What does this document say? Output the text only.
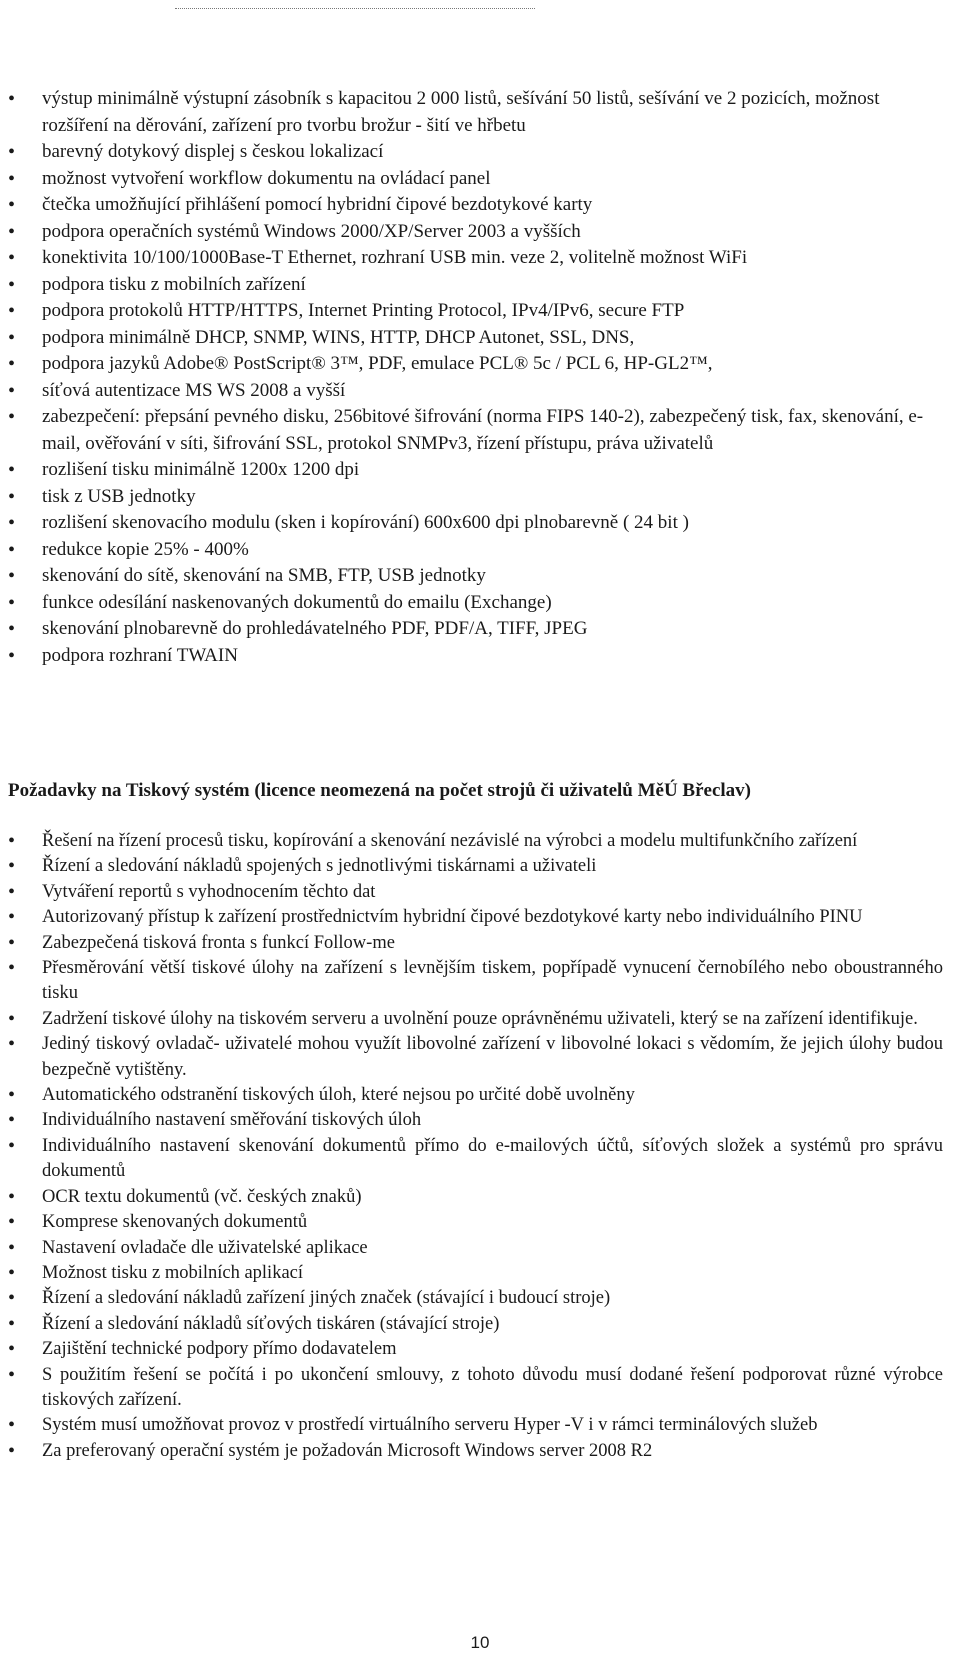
• výstup minimálně výstupní zásobník s kapacitou 2 000 listů, sešívání 50 listů, sešívání ve 2 pozicích, možnost rozšíření na děrování, zařízení pro tvorbu brožur - šití ve hřbetu
• barevný dotykový displej s českou lokalizací
• možnost vytvoření workflow dokumentu na ovládací panel
• čtečka umožňující přihlášení pomocí hybridní čipové bezdotykové karty
• podpora operačních systémů Windows 2000/XP/Server 2003 a vyšších
• konektivita 10/100/1000Base-T Ethernet, rozhraní USB min. veze 2, volitelně možnost WiFi
• podpora tisku z mobilních zařízení
• podpora protokolů HTTP/HTTPS, Internet Printing Protocol, IPv4/IPv6, secure FTP
• podpora minimálně DHCP, SNMP, WINS, HTTP, DHCP Autonet, SSL, DNS,
• podpora jazyků Adobe® PostScript® 3™, PDF, emulace PCL® 5c / PCL 6, HP-GL2™,
• síťová autentizace MS WS 2008 a vyšší
• zabezpečení: přepsání pevného disku, 256bitové šifrování (norma FIPS 140-2), zabezpečený tisk, fax, skenování, e-mail, ověřování v síti, šifrování SSL, protokol SNMPv3, řízení přístupu, práva uživatelů
• rozlišení tisku minimálně 1200x 1200 dpi
• tisk z USB jednotky
• rozlišení skenovacího modulu (sken i kopírování) 600x600 dpi plnobarevně ( 24 bit )
• redukce kopie 25% - 400%
• skenování do sítě, skenování na SMB, FTP, USB jednotky
• funkce odesílání naskenovaných dokumentů do emailu (Exchange)
• skenování plnobarevně do prohledávatelného PDF, PDF/A, TIFF, JPEG
• podpora rozhraní TWAIN
Požadavky na Tiskový systém (licence neomezená na počet strojů či uživatelů MěÚ Břeclav)
• Řešení na řízení procesů tisku, kopírování a skenování nezávislé na výrobci a modelu multifunkčního zařízení
• Řízení a sledování nákladů spojených s jednotlivými tiskárnami a uživateli
• Vytváření reportů s vyhodnocením těchto dat
• Autorizovaný přístup k zařízení prostřednictvím hybridní čipové bezdotykové karty nebo individuálního PINU
• Zabezpečená tisková fronta s funkcí Follow-me
• Přesměrování větší tiskové úlohy na zařízení s levnějším tiskem, popřípadě vynucení černobílého nebo oboustranného tisku
• Zadržení tiskové úlohy na tiskovém serveru a uvolnění pouze oprávněnému uživateli, který se na zařízení identifikuje.
• Jediný tiskový ovladač- uživatelé mohou využít libovolné zařízení v libovolné lokaci s vědomím, že jejich úlohy budou bezpečně vytištěny.
• Automatického odstranění tiskových úloh, které nejsou po určité době uvolněny
• Individuálního nastavení směřování tiskových úloh
• Individuálního nastavení skenování dokumentů přímo do e-mailových účtů, síťových složek a systémů pro správu dokumentů
• OCR textu dokumentů (vč. českých znaků)
• Komprese skenovaných dokumentů
• Nastavení ovladače dle uživatelské aplikace
• Možnost tisku z mobilních aplikací
• Řízení a sledování nákladů zařízení jiných značek (stávající i budoucí stroje)
• Řízení a sledování nákladů síťových tiskáren (stávající stroje)
• Zajištění technické podpory přímo dodavatelem
• S použitím řešení se počítá i po ukončení smlouvy, z tohoto důvodu musí dodané řešení podporovat různé výrobce tiskových zařízení.
• Systém musí umožňovat provoz v prostředí virtuálního serveru Hyper -V i v rámci terminálových služeb
• Za preferovaný operační systém je požadován Microsoft Windows server 2008 R2
10
